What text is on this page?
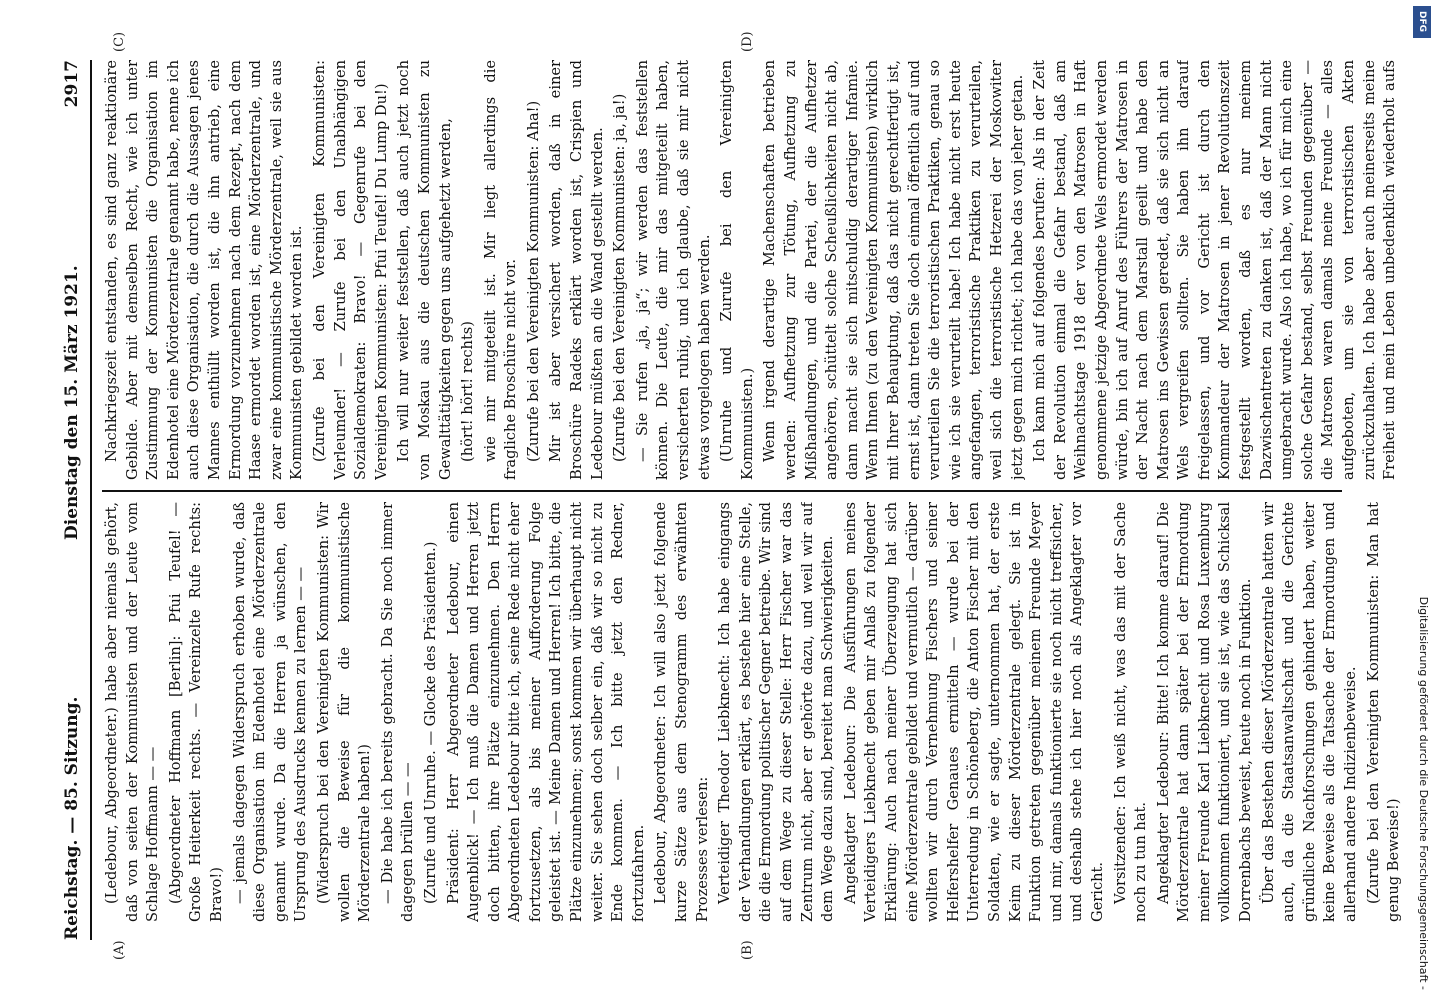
Reichstag. — 85. Sitzung.
Dienstag den 15. März 1921.
2917
(A)	(B)
(C)	(D)

(Ledebour, Abgeordneter.) habe aber niemals gehört, daß von seiten der Kommunisten und der Leute vom Schlage Hoffmann — — (Abgeordneter Hoffmann [Berlin]: Pfui Teufel! — Große Heiterkeit rechts. — Vereinzelte Rufe rechts: Bravo!) — jemals dagegen Widerspruch erhoben wurde, daß diese Organisation im Edenhotel eine Mörderzentrale genannt wurde. Da die Herren ja wünschen, den Ursprung des Ausdrucks kennen zu lernen — — (Widerspruch bei den Vereinigten Kommunisten: Wir wollen die Beweise für die kommunistische Mörderzentrale haben!) — Die habe ich bereits gebracht. Da Sie noch immer dagegen brüllen — — (Zurufe und Unruhe. — Glocke des Präsidenten.) Präsident: Herr Abgeordneter Ledebour, einen Augenblick! — Ich muß die Damen und Herren jetzt doch bitten, ihre Plätze einzunehmen. Den Herrn Abgeordneten Ledebour bitte ich, seine Rede nicht eher fortzusetzen, als bis meiner Aufforderung Folge geleistet ist. — Meine Damen und Herren! Ich bitte, die Plätze einzunehmen; sonst kommen wir überhaupt nicht weiter. Sie sehen doch selber ein, daß wir so nicht zu Ende kommen. — Ich bitte jetzt den Redner, fortzufahren. Ledebour, Abgeordneter: Ich will also jetzt folgende kurze Sätze aus dem Stenogramm des erwähnten Prozesses verlesen: Verteidiger Theodor Liebknecht: Ich habe eingangs der Verhandlungen erklärt, es bestehe hier eine Stelle, die die Ermordung politischer Gegner betreibe. Wir sind auf dem Wege zu dieser Stelle: Herr Fischer war das Zentrum nicht, aber er gehörte dazu, und weil wir auf dem Wege dazu sind, bereitet man Schwierigkeiten. Angeklagter Ledebour: Die Ausführungen meines Verteidigers Liebknecht geben mir Anlaß zu folgender Erklärung: Auch nach meiner Überzeugung hat sich eine Mörderzentrale gebildet und vermutlich — darüber wollten wir durch Vernehmung Fischers und seiner Helfershelfer Genaues ermitteln — wurde bei der Unterredung in Schöneberg, die Anton Fischer mit den Soldaten, wie er sagte, unternommen hat, der erste Keim zu dieser Mörderzentrale gelegt. Sie ist in Funktion getreten gegenüber meinem Freunde Meyer und mir, damals funktionierte sie noch nicht treffsicher, und deshalb stehe ich hier noch als Angeklagter vor Gericht. Vorsitzender: Ich weiß nicht, was das mit der Sache noch zu tun hat. Angeklagter Ledebour: Bitte! Ich komme darauf! Die Mörderzentrale hat dann später bei der Ermordung meiner Freunde Karl Liebknecht und Rosa Luxemburg vollkommen funktioniert, und sie ist, wie das Schicksal Dorrenbachs beweist, heute noch in Funktion. Über das Bestehen dieser Mörderzentrale hatten wir auch, da die Staatsanwaltschaft und die Gerichte gründliche Nachforschungen gehindert haben, weiter keine Beweise als die Tatsache der Ermordungen und allerhand andere Indizienbeweise. (Zurufe bei den Vereinigten Kommunisten: Man hat genug Beweise!)

Nachkriegszeit entstanden, es sind ganz reaktionäre Gebilde. Aber mit demselben Recht, wie ich unter Zustimmung der Kommunisten die Organisation im Edenhotel eine Mörderzentrale genannt habe, nenne ich auch diese Organisation, die durch die Aussagen jenes Mannes enthüllt worden ist, die ihn antrieb, eine Ermordung vorzunehmen nach dem Rezept, nach dem Haase ermordet worden ist, eine Mörderzentrale, und zwar eine kommunistische Mörderzentrale, weil sie aus Kommunisten gebildet worden ist. (Zurufe bei den Vereinigten Kommunisten: Verleumder! — Zurufe bei den Unabhängigen Sozialdemokraten: Bravo! — Gegenrufe bei den Vereinigten Kommunisten: Pfui Teufel! Du Lump Du!) Ich will nur weiter feststellen, daß auch jetzt noch von Moskau aus die deutschen Kommunisten zu Gewalttätigkeiten gegen uns aufgehetzt werden, (hört! hört! rechts) wie mir mitgeteilt ist. Mir liegt allerdings die fragliche Broschüre nicht vor. (Zurufe bei den Vereinigten Kommunisten: Aha!) Mir ist aber versichert worden, daß in einer Broschüre Radeks erklärt worden ist, Crispien und Ledebour müßten an die Wand gestellt werden. (Zurufe bei den Vereinigten Kommunisten: ja, ja!) — Sie rufen „ja, ja“; wir werden das feststellen können. Die Leute, die mir das mitgeteilt haben, versicherten ruhig, und ich glaube, daß sie mir nicht etwas vorgelogen haben werden. (Unruhe und Zurufe bei den Vereinigten Kommunisten.) Wenn irgend derartige Machenschaften betrieben werden: Aufhetzung zur Tötung, Aufhetzung zu Mißhandlungen, und die Partei, der die Aufhetzer angehören, schüttelt solche Scheußlichkeiten nicht ab, dann macht sie sich mitschuldig derartiger Infamie. Wenn Ihnen (zu den Vereinigten Kommunisten) wirklich mit Ihrer Behauptung, daß das nicht gerechtfertigt ist, ernst ist, dann treten Sie doch einmal öffentlich auf und verurteilen Sie die terroristischen Praktiken, genau so wie ich sie verurteilt habe! Ich habe nicht erst heute angefangen, terroristische Praktiken zu verurteilen, weil sich die terroristische Hetzerei der Moskowiter jetzt gegen mich richtet; ich habe das von jeher getan. Ich kann mich auf folgendes berufen: Als in der Zeit der Revolution einmal die Gefahr bestand, daß am Weihnachtstage 1918 der von den Matrosen in Haft genommene jetzige Abgeordnete Wels ermordet werden würde, bin ich auf Anruf des Führers der Matrosen in der Nacht nach dem Marstall geeilt und habe den Matrosen ins Gewissen geredet, daß sie sich nicht an Wels vergreifen sollten. Sie haben ihn darauf freigelassen, und vor Gericht ist durch den Kommandeur der Matrosen in jener Revolutionszeit festgestellt worden, daß es nur meinem Dazwischentreten zu danken ist, daß der Mann nicht umgebracht wurde. Also ich habe, wo ich für mich eine solche Gefahr bestand, selbst Freunden gegenüber — die Matrosen waren damals meine Freunde — alles aufgeboten, um sie von terroristischen Akten zurückzuhalten. Ich habe aber auch meinerseits meine Freiheit und mein Leben unbedenklich wiederholt aufs

Digitalisierung gefördert durch die Deutsche Forschungsgemeinschaft -
DFG
